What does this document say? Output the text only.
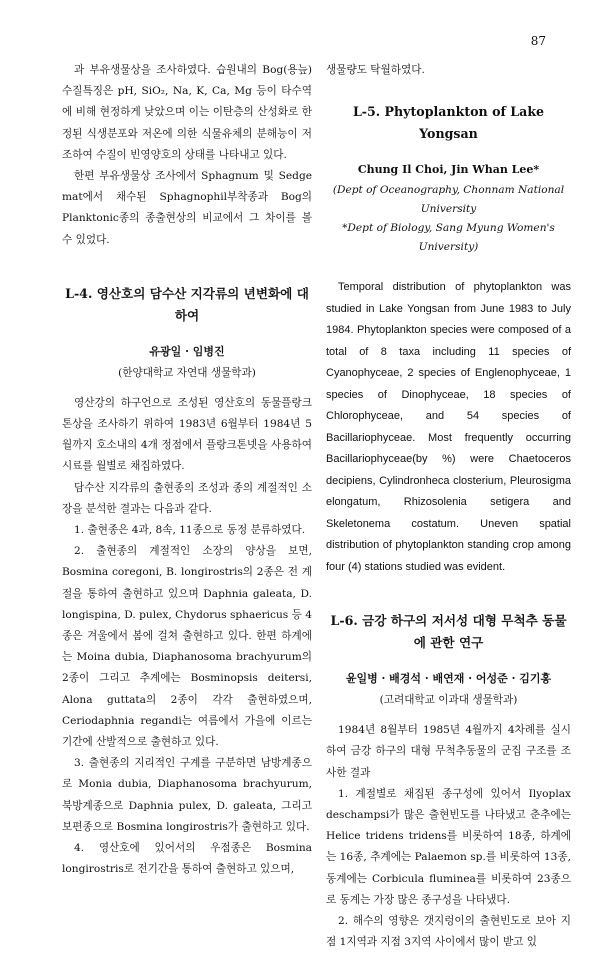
87

과 부유생물상을 조사하였다. 습원내의 Bog(용늪) 수질특징은 pH, SiO₂, Na, K, Ca, Mg 등이 타수역에 비해 현정하게 낮았으며 이는 이탄층의 산성화로 한정된 식생분포와 저온에 의한 식물유체의 분해능이 저조하여 수질이 빈영양호의 상태를 나타내고 있다.

한편 부유생물상 조사에서 Sphagnum 및 Sedge mat에서 채수된 Sphagnophil부착종과 Bog의 Planktonic종의 종출현상의 비교에서 그 차이를 볼 수 있었다.

L-4. 영산호의 담수산 지각류의 년변화에 대하여
유광일 · 임병진
(한양대학교 자연대 생물학과)

영산강의 하구언으로 조성된 영산호의 동물플랑크톤상을 조사하기 위하여 1983년 6월부터 1984년 5월까지 호소내의 4개 정점에서 플랑크톤넷을 사용하여 시료를 월별로 채집하였다.

담수산 지각류의 출현종의 조성과 종의 계절적인 소장을 분석한 결과는 다음과 같다.

1. 출현종은 4과, 8속, 11종으로 동정 분류하였다.

2. 출현종의 계절적인 소장의 양상을 보면, Bosmina coregoni, B. longirostris의 2종은 전 계절을 통하여 출현하고 있으며 Daphnia galeata, D. longispina, D. pulex, Chydorus sphaericus 등 4종은 겨울에서 봄에 걸쳐 출현하고 있다. 한편 하계에는 Moina dubia, Diaphanosoma brachyurum의 2종이 그리고 추계에는 Bosminopsis deitersi, Alona guttata의 2종이 각각 출현하였으며, Ceriodaphnia regandi는 여름에서 가을에 이르는 기간에 산발적으로 출현하고 있다.

3. 출현종의 지리적인 구계를 구분하면 남방계종으로 Monia dubia, Diaphanosoma brachyurum, 북방계종으로 Daphnia pulex, D. galeata, 그리고 보편종으로 Bosmina longirostris가 출현하고 있다.

4. 영산호에 있어서의 우점종은 Bosmina longirostris로 전기간을 통하여 출현하고 있으며,

생물량도 탁월하였다.

L-5. Phytoplankton of Lake Yongsan
Chung Il Choi, Jin Whan Lee*
(Dept of Oceanography, Chonnam National University
*Dept of Biology, Sang Myung Women's University)

Temporal distribution of phytoplankton was studied in Lake Yongsan from June 1983 to July 1984. Phytoplankton species were composed of a total of 8 taxa including 11 species of Cyanophyceae, 2 species of Englenophyceae, 1 species of Dinophyceae, 18 species of Chlorophyceae, and 54 species of Bacillariophyceae. Most frequently occurring Bacillariophyceae(by %) were Chaetoceros decipiens, Cylindronheca closterium, Pleurosigma elongatum, Rhizosolenia setigera and Skeletonema costatum. Uneven spatial distribution of phytoplankton standing crop among four (4) stations studied was evident.

L-6. 금강 하구의 저서성 대형 무척추 동물에 관한 연구
윤일병 · 배경석 · 배연재 · 어성준 · 김기홍
(고려대학교 이과대 생물학과)

1984년 8월부터 1985년 4월까지 4차례를 실시하여 금강 하구의 대형 무척추동물의 군집 구조를 조사한 결과

1. 계절별로 채집된 종구성에 있어서 Ilyoplax deschampsi가 많은 출현빈도를 나타냈고 춘추에는 Helice tridens tridens를 비롯하여 18종, 하계에는 16종, 추계에는 Palaemon sp.를 비롯하여 13종, 동계에는 Corbicula fluminea를 비롯하여 23종으로 동계는 가장 많은 종구성을 나타냈다.

2. 해수의 영향은 갯지렁이의 출현빈도로 보아 지점 1지역과 지점 3지역 사이에서 많이 받고 있
